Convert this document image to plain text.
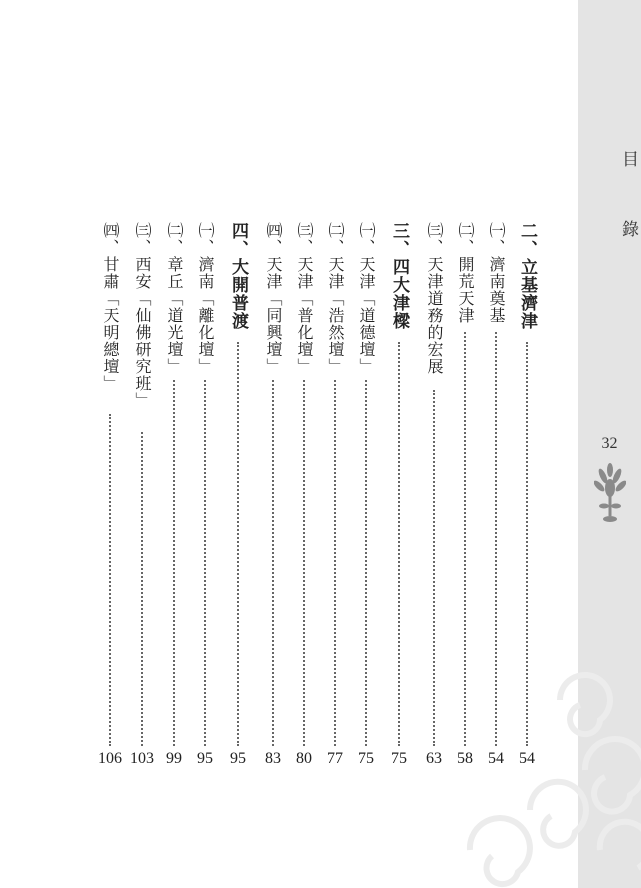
目　錄
32
二、立基濟津
54
㈠、濟南奠基
54
㈡、開荒天津
58
㈢、天津道務的宏展
63
三、四大津樑
75
㈠、天津「道德壇」
75
㈡、天津「浩然壇」
77
㈢、天津「普化壇」
80
㈣、天津「同興壇」
83
四、大開普渡
95
㈠、濟南「離化壇」
95
㈡、章丘「道光壇」
99
㈢、西安「仙佛研究班」
103
㈣、甘肅「天明總壇」
106
